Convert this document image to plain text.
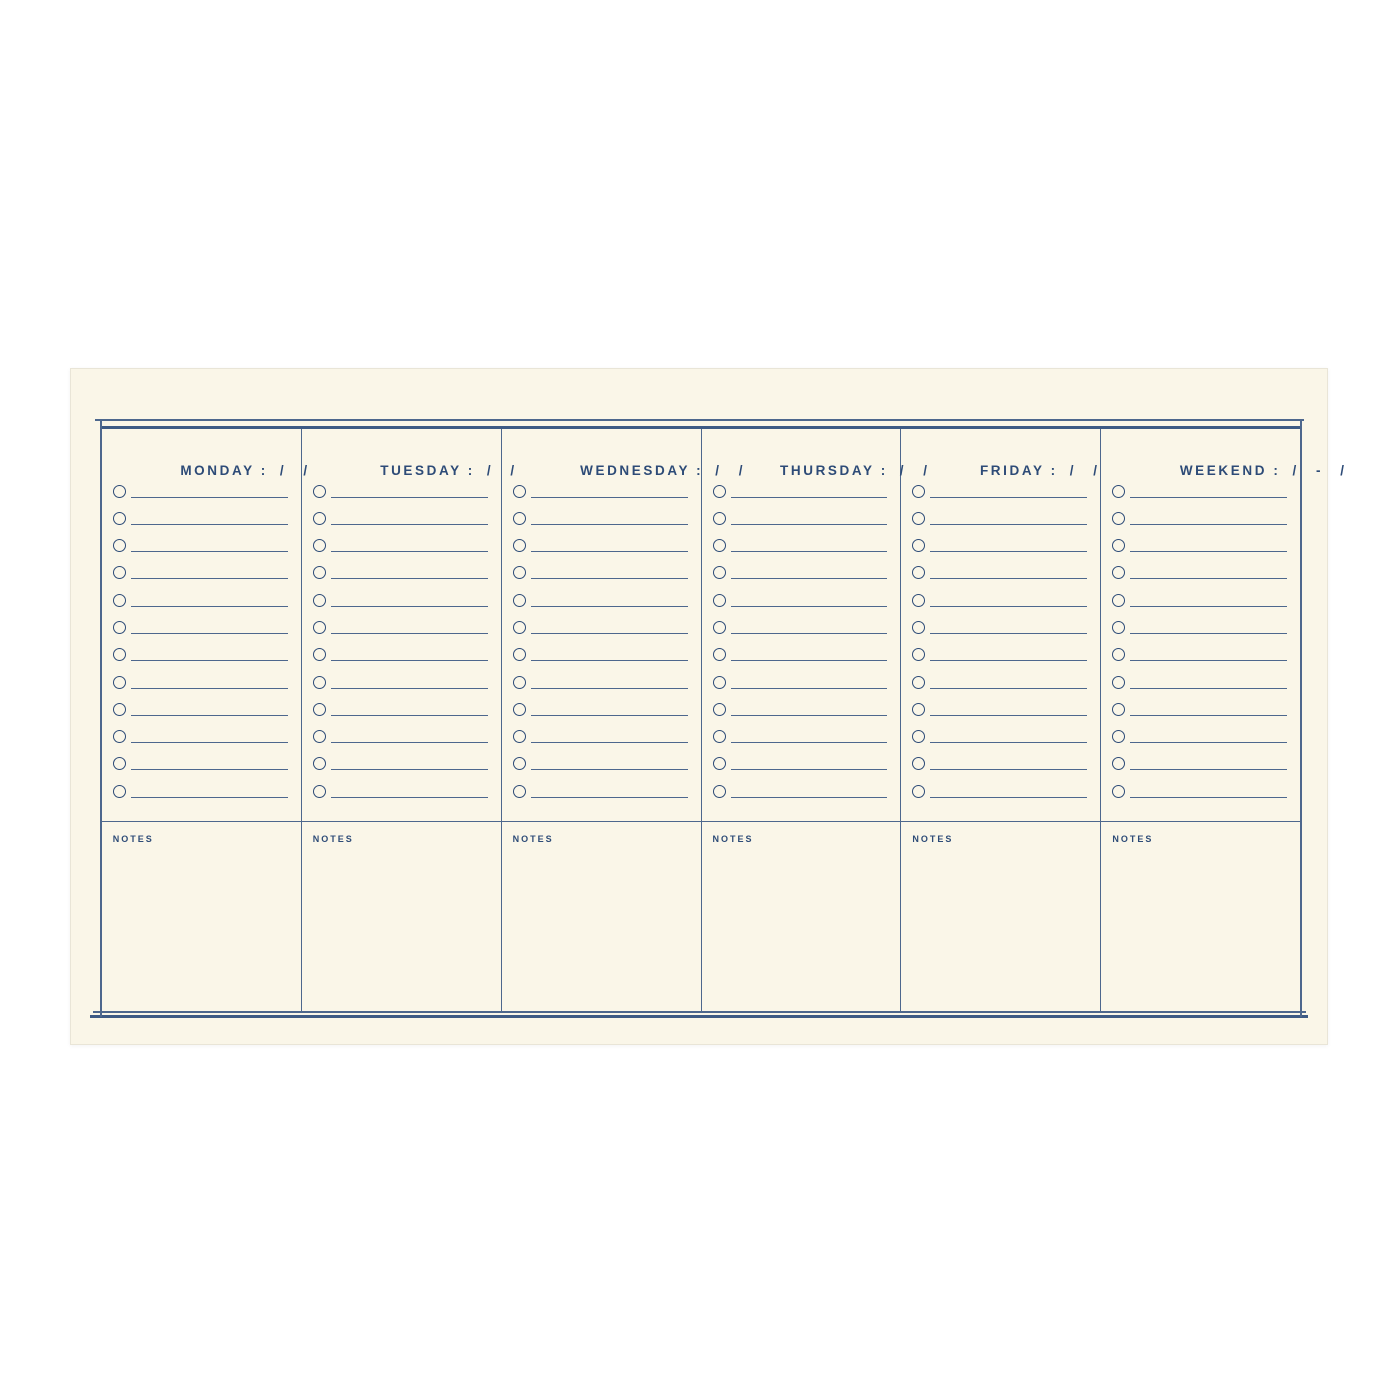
MONDAY : / /

NOTES

TUESDAY : / /

NOTES

WEDNESDAY : / /

NOTES

THURSDAY : / /

NOTES

FRIDAY : / /

NOTES

WEEKEND : / - /

NOTES
